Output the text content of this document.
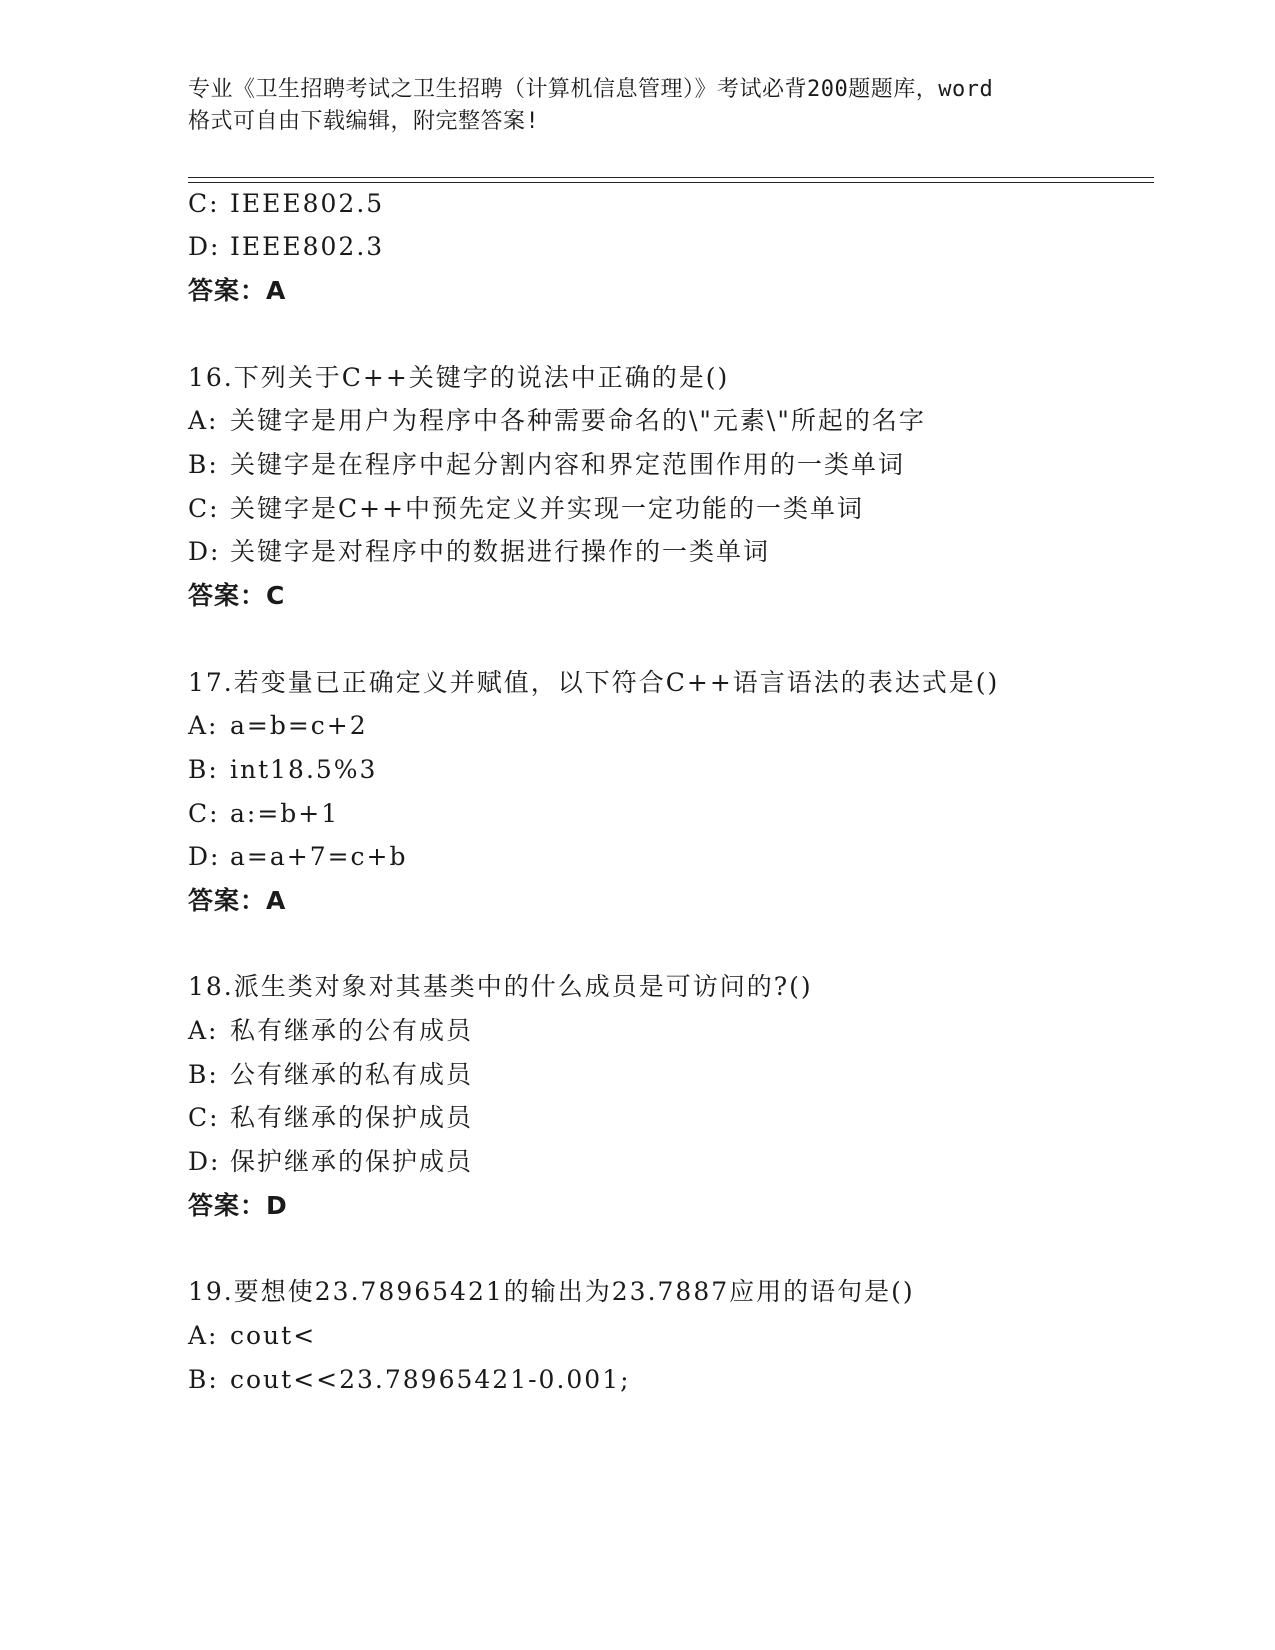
专业《卫生招聘考试之卫生招聘（计算机信息管理）》考试必背200题题库，word
格式可自由下载编辑，附完整答案!
C: IEEE802.5
D: IEEE802.3
答案：A
16.下列关于C++关键字的说法中正确的是()
A: 关键字是用户为程序中各种需要命名的\"元素\"所起的名字
B: 关键字是在程序中起分割内容和界定范围作用的一类单词
C: 关键字是C++中预先定义并实现一定功能的一类单词
D: 关键字是对程序中的数据进行操作的一类单词
答案：C
17.若变量已正确定义并赋值，以下符合C++语言语法的表达式是()
A: a=b=c+2
B: int18.5%3
C: a:=b+1
D: a=a+7=c+b
答案：A
18.派生类对象对其基类中的什么成员是可访问的?()
A: 私有继承的公有成员
B: 公有继承的私有成员
C: 私有继承的保护成员
D: 保护继承的保护成员
答案：D
19.要想使23.78965421的输出为23.7887应用的语句是()
A: cout<
B: cout<<23.78965421-0.001;
